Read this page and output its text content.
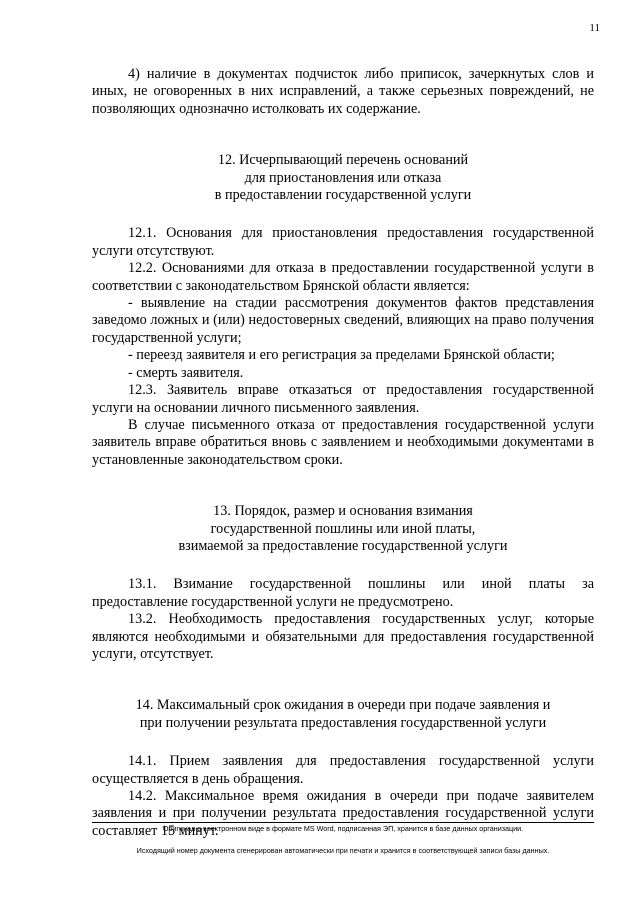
11

4) наличие в документах подчисток либо приписок, зачеркнутых слов и иных, не оговоренных в них исправлений, а также серьезных повреждений, не позволяющих однозначно истолковать их содержание.

12. Исчерпывающий перечень оснований

для приостановления или отказа

в предоставлении государственной услуги

12.1. Основания для приостановления предоставления государственной услуги отсутствуют.

12.2. Основаниями для отказа в предоставлении государственной услуги в соответствии с законодательством Брянской области является:

- выявление на стадии рассмотрения документов фактов представления заведомо ложных и (или) недостоверных сведений, влияющих на право получения государственной услуги;

- переезд заявителя и его регистрация за пределами Брянской области;

- смерть заявителя.

12.3. Заявитель вправе отказаться от предоставления государственной услуги на основании личного письменного заявления.

В случае письменного отказа от предоставления государственной услуги заявитель вправе обратиться вновь с заявлением и необходимыми документами в установленные законодательством сроки.

13. Порядок, размер и основания взимания

государственной пошлины или иной платы,

взимаемой за предоставление государственной услуги

13.1. Взимание государственной пошлины или иной платы за предоставление государственной услуги не предусмотрено.

13.2. Необходимость предоставления государственных услуг, которые являются необходимыми и обязательными для предоставления государственной услуги, отсутствует.

14. Максимальный срок ожидания в очереди при подаче заявления и

при получении результата предоставления государственной услуги

14.1. Прием заявления для предоставления государственной услуги осуществляется в день обращения.

14.2. Максимальное время ожидания в очереди при подаче заявителем заявления и при получении результата предоставления государственной услуги составляет 15 минут.

Оригинал в электронном виде в формате MS Word, подписанная ЭП, хранится в базе данных организации.
Исходящий номер документа сгенерирован автоматически при печати и хранится в соответствующей записи базы данных.
